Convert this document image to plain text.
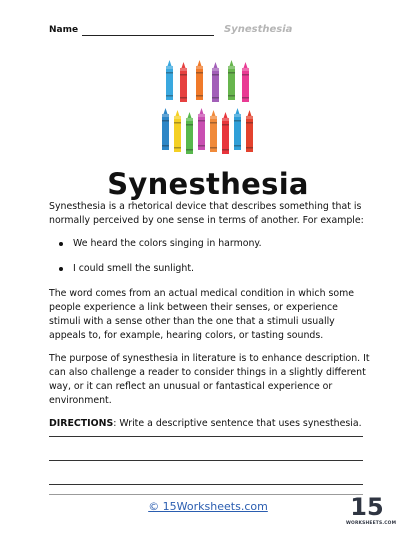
Name	Synesthesia
Synesthesia

Synesthesia is a rhetorical device that describes something that is normally perceived by one sense in terms of another. For example:

We heard the colors singing in harmony.
I could smell the sunlight.

The word comes from an actual medical condition in which some people experience a link between their senses, or experience stimuli with a sense other than the one that a stimuli usually appeals to, for example, hearing colors, or tasting sounds.

The purpose of synesthesia in literature is to enhance description. It can also challenge a reader to consider things in a slightly different way, or it can reflect an unusual or fantastical experience or environment.

DIRECTIONS: Write a descriptive sentence that uses synesthesia.

© 15Worksheets.com	15
WORKSHEETS.COM
